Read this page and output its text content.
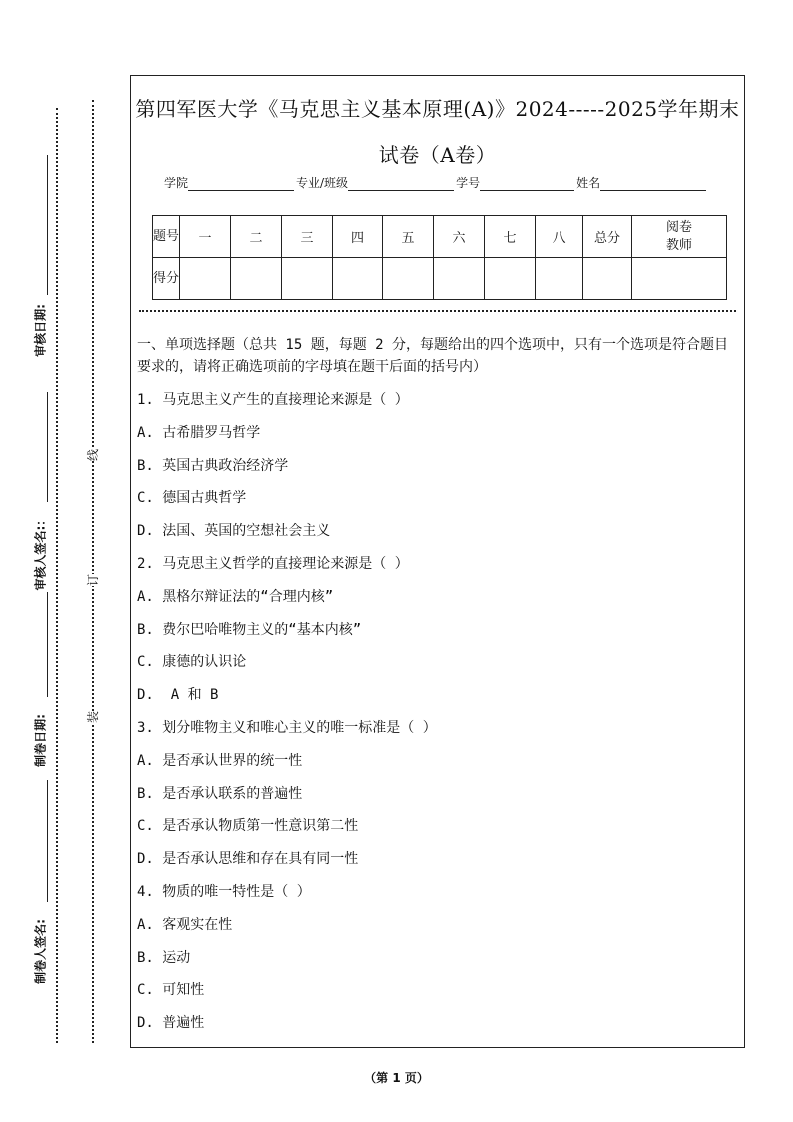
审核日期:
审核人签名:：
制卷日期:
制卷人签名:
线
订
装
第四军医大学《马克思主义基本原理(A)》2024-----2025学年期末
试卷（A卷）
学院	专业/班级	学号	姓名
题号	一	二	三	四	五	六	七	八	总分	阅卷教师

得分										
一、单项选择题（总共 15 题，每题 2 分，每题给出的四个选项中，只有一个选项是符合题目要求的，请将正确选项前的字母填在题干后面的括号内）
1. 马克思主义产生的直接理论来源是（ ）
A. 古希腊罗马哲学
B. 英国古典政治经济学
C. 德国古典哲学
D. 法国、英国的空想社会主义
2. 马克思主义哲学的直接理论来源是（ ）
A. 黑格尔辩证法的“合理内核”
B. 费尔巴哈唯物主义的“基本内核”
C. 康德的认识论
D.  A 和 B
3. 划分唯物主义和唯心主义的唯一标准是（ ）
A. 是否承认世界的统一性
B. 是否承认联系的普遍性
C. 是否承认物质第一性意识第二性
D. 是否承认思维和存在具有同一性
4. 物质的唯一特性是（ ）
A. 客观实在性
B. 运动
C. 可知性
D. 普遍性
（第 1 页）
